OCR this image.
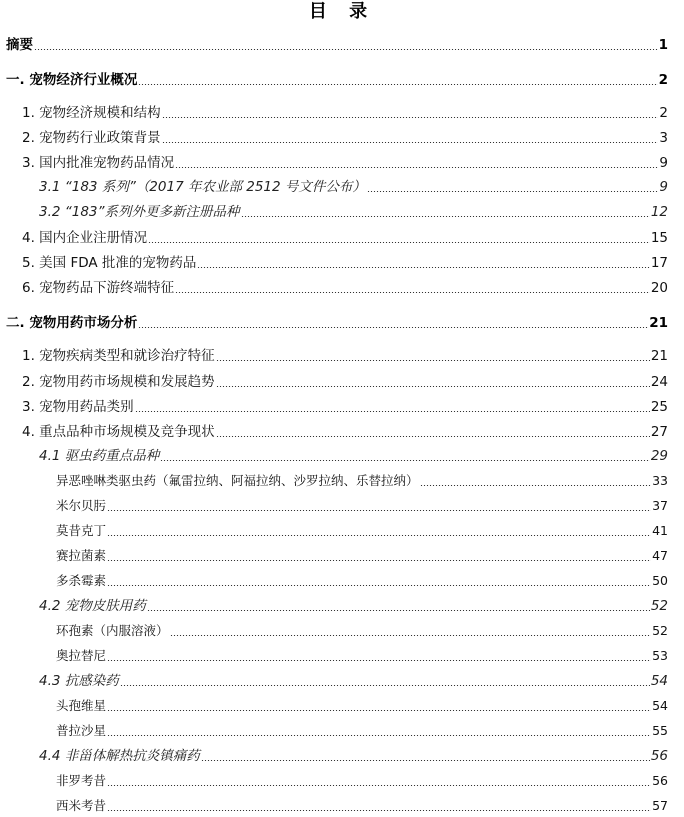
目 录
摘要	1
一. 宠物经济行业概况	2
1. 宠物经济规模和结构	2
2. 宠物药行业政策背景	3
3. 国内批准宠物药品情况	9
3.1 “183 系列”（2017 年农业部 2512 号文件公布）	9
3.2 “183”系列外更多新注册品种	12
4. 国内企业注册情况	15
5. 美国 FDA 批准的宠物药品	17
6. 宠物药品下游终端特征	20
二. 宠物用药市场分析	21
1. 宠物疾病类型和就诊治疗特征	21
2. 宠物用药市场规模和发展趋势	24
3. 宠物用药品类别	25
4. 重点品种市场规模及竞争现状	27
4.1 驱虫药重点品种	29
异恶唑啉类驱虫药（氟雷拉纳、阿福拉纳、沙罗拉纳、乐替拉纳）	33
米尔贝肟	37
莫昔克丁	41
赛拉菌素	47
多杀霉素	50
4.2 宠物皮肤用药	52
环孢素（内服溶液）	52
奥拉替尼	53
4.3 抗感染药	54
头孢维星	54
普拉沙星	55
4.4 非甾体解热抗炎镇痛药	56
非罗考昔	56
西米考昔	57
